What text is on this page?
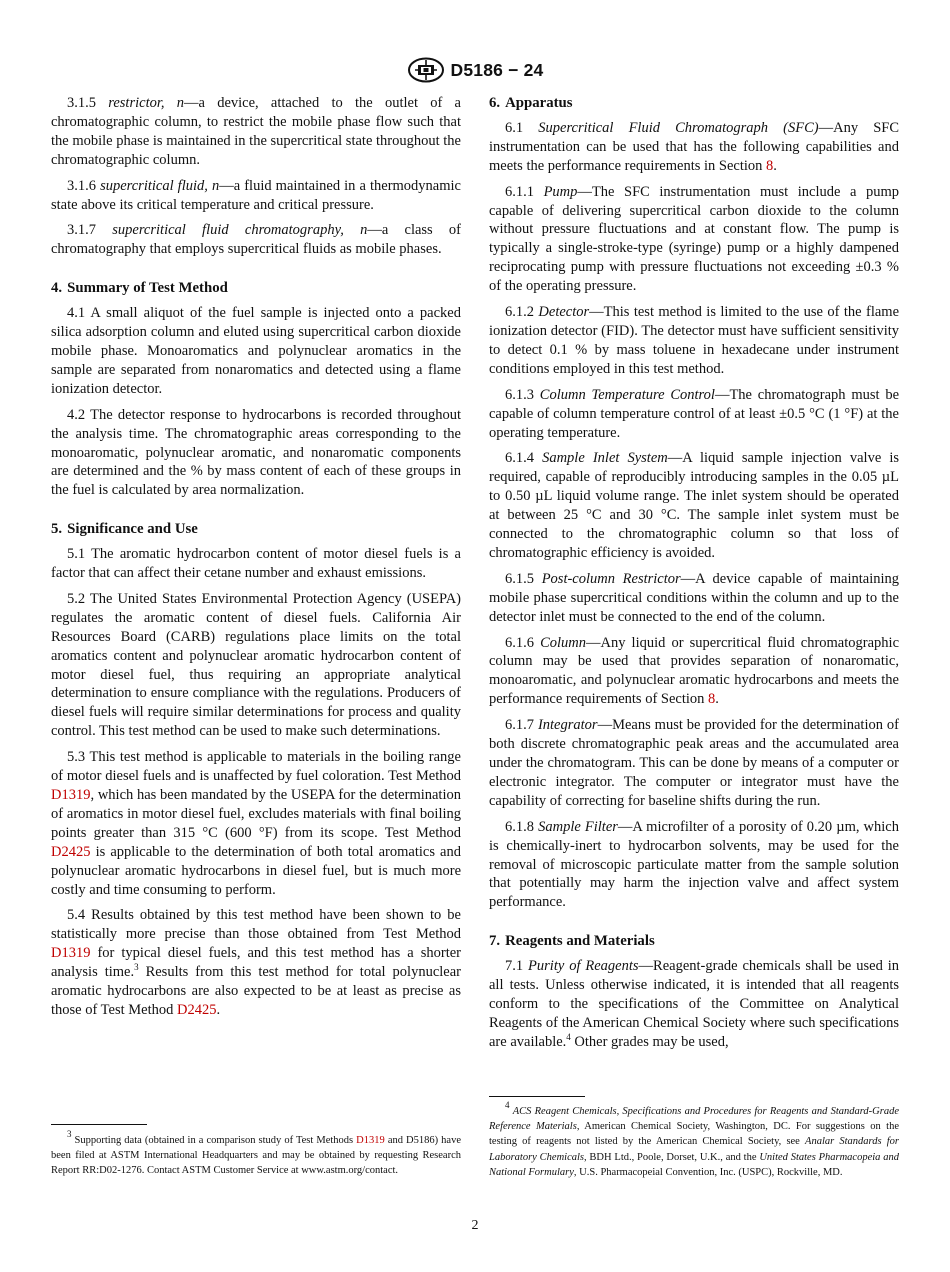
D5186 − 24

3.1.5 restrictor, n—a device, attached to the outlet of a chromatographic column, to restrict the mobile phase flow such that the mobile phase is maintained in the supercritical state throughout the chromatographic column.

3.1.6 supercritical fluid, n—a fluid maintained in a thermodynamic state above its critical temperature and critical pressure.

3.1.7 supercritical fluid chromatography, n—a class of chromatography that employs supercritical fluids as mobile phases.

4. Summary of Test Method

4.1 A small aliquot of the fuel sample is injected onto a packed silica adsorption column and eluted using supercritical carbon dioxide mobile phase. Monoaromatics and polynuclear aromatics in the sample are separated from nonaromatics and detected using a flame ionization detector.

4.2 The detector response to hydrocarbons is recorded throughout the analysis time. The chromatographic areas corresponding to the monoaromatic, polynuclear aromatic, and nonaromatic components are determined and the % by mass content of each of these groups in the fuel is calculated by area normalization.

5. Significance and Use

5.1 The aromatic hydrocarbon content of motor diesel fuels is a factor that can affect their cetane number and exhaust emissions.

5.2 The United States Environmental Protection Agency (USEPA) regulates the aromatic content of diesel fuels. California Air Resources Board (CARB) regulations place limits on the total aromatics content and polynuclear aromatic hydrocarbon content of motor diesel fuel, thus requiring an appropriate analytical determination to ensure compliance with the regulations. Producers of diesel fuels will require similar determinations for process and quality control. This test method can be used to make such determinations.

5.3 This test method is applicable to materials in the boiling range of motor diesel fuels and is unaffected by fuel coloration. Test Method D1319, which has been mandated by the USEPA for the determination of aromatics in motor diesel fuel, excludes materials with final boiling points greater than 315 °C (600 °F) from its scope. Test Method D2425 is applicable to the determination of both total aromatics and polynuclear aromatic hydrocarbons in diesel fuel, but is much more costly and time consuming to perform.

5.4 Results obtained by this test method have been shown to be statistically more precise than those obtained from Test Method D1319 for typical diesel fuels, and this test method has a shorter analysis time.$^3$ Results from this test method for total polynuclear aromatic hydrocarbons are also expected to be at least as precise as those of Test Method D2425.

6. Apparatus

6.1 Supercritical Fluid Chromatograph (SFC)—Any SFC instrumentation can be used that has the following capabilities and meets the performance requirements in Section 8.

6.1.1 Pump—The SFC instrumentation must include a pump capable of delivering supercritical carbon dioxide to the column without pressure fluctuations and at constant flow. The pump is typically a single-stroke-type (syringe) pump or a highly dampened reciprocating pump with pressure fluctuations not exceeding ±0.3 % of the operating pressure.

6.1.2 Detector—This test method is limited to the use of the flame ionization detector (FID). The detector must have sufficient sensitivity to detect 0.1 % by mass toluene in hexadecane under instrument conditions employed in this test method.

6.1.3 Column Temperature Control—The chromatograph must be capable of column temperature control of at least ±0.5 °C (1 °F) at the operating temperature.

6.1.4 Sample Inlet System—A liquid sample injection valve is required, capable of reproducibly introducing samples in the 0.05 µL to 0.50 µL liquid volume range. The inlet system should be operated at between 25 °C and 30 °C. The sample inlet system must be connected to the chromatographic column so that loss of chromatographic efficiency is avoided.

6.1.5 Post-column Restrictor—A device capable of maintaining mobile phase supercritical conditions within the column and up to the detector inlet must be connected to the end of the column.

6.1.6 Column—Any liquid or supercritical fluid chromatographic column may be used that provides separation of nonaromatic, monoaromatic, and polynuclear aromatic hydrocarbons and meets the performance requirements of Section 8.

6.1.7 Integrator—Means must be provided for the determination of both discrete chromatographic peak areas and the accumulated area under the chromatogram. This can be done by means of a computer or electronic integrator. The computer or integrator must have the capability of correcting for baseline shifts during the run.

6.1.8 Sample Filter—A microfilter of a porosity of 0.20 µm, which is chemically-inert to hydrocarbon solvents, may be used for the removal of microscopic particulate matter from the sample solution that potentially may harm the injection valve and affect system performance.

7. Reagents and Materials

7.1 Purity of Reagents—Reagent-grade chemicals shall be used in all tests. Unless otherwise indicated, it is intended that all reagents conform to the specifications of the Committee on Analytical Reagents of the American Chemical Society where such specifications are available.$^4$ Other grades may be used,

$^3$ Supporting data (obtained in a comparison study of Test Methods D1319 and D5186) have been filed at ASTM International Headquarters and may be obtained by requesting Research Report RR:D02-1276. Contact ASTM Customer Service at www.astm.org/contact.

$^4$ ACS Reagent Chemicals, Specifications and Procedures for Reagents and Standard-Grade Reference Materials, American Chemical Society, Washington, DC. For suggestions on the testing of reagents not listed by the American Chemical Society, see Analar Standards for Laboratory Chemicals, BDH Ltd., Poole, Dorset, U.K., and the United States Pharmacopeia and National Formulary, U.S. Pharmacopeial Convention, Inc. (USPC), Rockville, MD.

2
